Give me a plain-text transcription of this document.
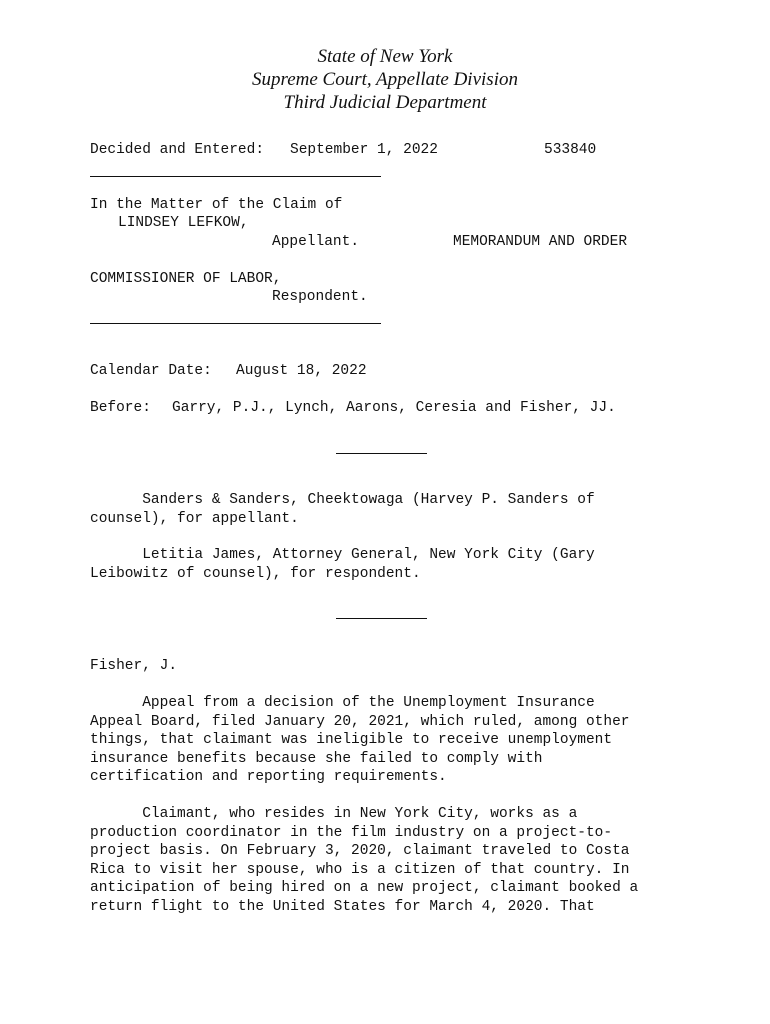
State of New York
Supreme Court, Appellate Division
Third Judicial Department
Decided and Entered: September 1, 2022	533840
In the Matter of the Claim of
LINDSEY LEFKOW,
Appellant.	MEMORANDUM AND ORDER
COMMISSIONER OF LABOR,
Respondent.
Calendar Date: August 18, 2022
Before: Garry, P.J., Lynch, Aarons, Ceresia and Fisher, JJ.
Sanders & Sanders, Cheektowaga (Harvey P. Sanders of
counsel), for appellant.
Letitia James, Attorney General, New York City (Gary
Leibowitz of counsel), for respondent.
Fisher, J.
Appeal from a decision of the Unemployment Insurance
Appeal Board, filed January 20, 2021, which ruled, among other
things, that claimant was ineligible to receive unemployment
insurance benefits because she failed to comply with
certification and reporting requirements.
Claimant, who resides in New York City, works as a
production coordinator in the film industry on a project-to-
project basis. On February 3, 2020, claimant traveled to Costa
Rica to visit her spouse, who is a citizen of that country. In
anticipation of being hired on a new project, claimant booked a
return flight to the United States for March 4, 2020. That
